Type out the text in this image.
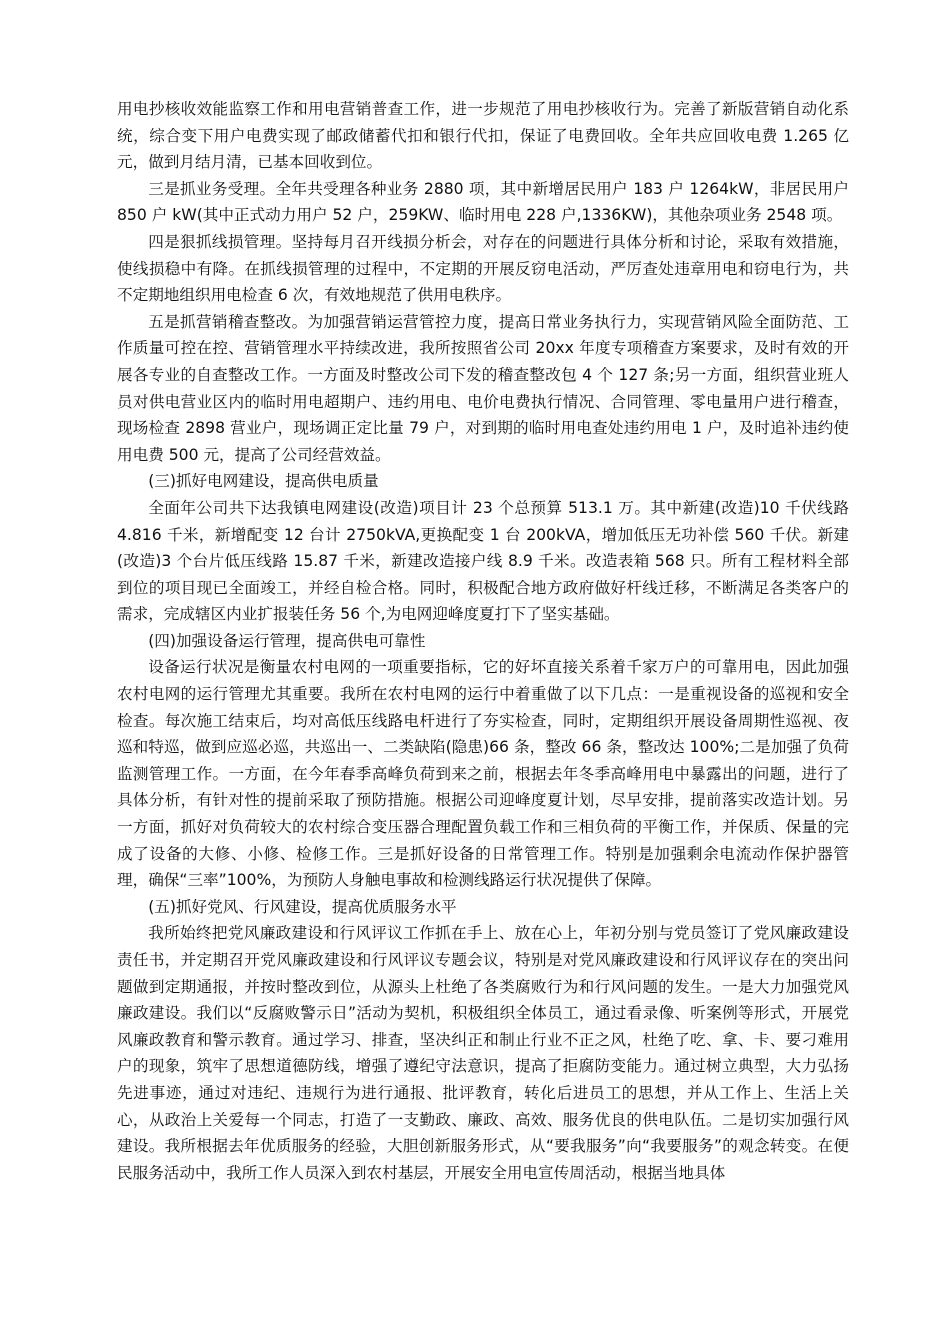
用电抄核收效能监察工作和用电营销普查工作，进一步规范了用电抄核收行为。完善了新版营销自动化系统，综合变下用户电费实现了邮政储蓄代扣和银行代扣，保证了电费回收。全年共应回收电费 1.265 亿元，做到月结月清，已基本回收到位。

三是抓业务受理。全年共受理各种业务 2880 项，其中新增居民用户 183 户 1264kW，非居民用户 850 户 kW(其中正式动力用户 52 户，259KW、临时用电 228 户,1336KW)，其他杂项业务 2548 项。

四是狠抓线损管理。坚持每月召开线损分析会，对存在的问题进行具体分析和讨论，采取有效措施，使线损稳中有降。在抓线损管理的过程中，不定期的开展反窃电活动，严厉查处违章用电和窃电行为，共不定期地组织用电检查 6 次，有效地规范了供用电秩序。

五是抓营销稽查整改。为加强营销运营管控力度，提高日常业务执行力，实现营销风险全面防范、工作质量可控在控、营销管理水平持续改进，我所按照省公司 20xx 年度专项稽查方案要求，及时有效的开展各专业的自查整改工作。一方面及时整改公司下发的稽查整改包 4 个 127 条;另一方面，组织营业班人员对供电营业区内的临时用电超期户、违约用电、电价电费执行情况、合同管理、零电量用户进行稽查，现场检查 2898 营业户，现场调正定比量 79 户，对到期的临时用电查处违约用电 1 户，及时追补违约使用电费 500 元，提高了公司经营效益。

(三)抓好电网建设，提高供电质量

全面年公司共下达我镇电网建设(改造)项目计 23 个总预算 513.1 万。其中新建(改造)10 千伏线路 4.816 千米，新增配变 12 台计 2750kVA,更换配变 1 台 200kVA，增加低压无功补偿 560 千伏。新建(改造)3 个台片低压线路 15.87 千米，新建改造接户线 8.9 千米。改造表箱 568 只。所有工程材料全部到位的项目现已全面竣工，并经自检合格。同时，积极配合地方政府做好杆线迁移，不断满足各类客户的需求，完成辖区内业扩报装任务 56 个,为电网迎峰度夏打下了坚实基础。

(四)加强设备运行管理，提高供电可靠性

设备运行状况是衡量农村电网的一项重要指标，它的好坏直接关系着千家万户的可靠用电，因此加强农村电网的运行管理尤其重要。我所在农村电网的运行中着重做了以下几点：一是重视设备的巡视和安全检查。每次施工结束后，均对高低压线路电杆进行了夯实检查，同时，定期组织开展设备周期性巡视、夜巡和特巡，做到应巡必巡，共巡出一、二类缺陷(隐患)66 条，整改 66 条，整改达 100%;二是加强了负荷监测管理工作。一方面，在今年春季高峰负荷到来之前，根据去年冬季高峰用电中暴露出的问题，进行了具体分析，有针对性的提前采取了预防措施。根据公司迎峰度夏计划，尽早安排，提前落实改造计划。另一方面，抓好对负荷较大的农村综合变压器合理配置负载工作和三相负荷的平衡工作，并保质、保量的完成了设备的大修、小修、检修工作。三是抓好设备的日常管理工作。特别是加强剩余电流动作保护器管理，确保“三率”100%，为预防人身触电事故和检测线路运行状况提供了保障。

(五)抓好党风、行风建设，提高优质服务水平

我所始终把党风廉政建设和行风评议工作抓在手上、放在心上，年初分别与党员签订了党风廉政建设责任书，并定期召开党风廉政建设和行风评议专题会议，特别是对党风廉政建设和行风评议存在的突出问题做到定期通报，并按时整改到位，从源头上杜绝了各类腐败行为和行风问题的发生。一是大力加强党风廉政建设。我们以“反腐败警示日”活动为契机，积极组织全体员工，通过看录像、听案例等形式，开展党风廉政教育和警示教育。通过学习、排查，坚决纠正和制止行业不正之风，杜绝了吃、拿、卡、要刁难用户的现象，筑牢了思想道德防线，增强了遵纪守法意识，提高了拒腐防变能力。通过树立典型，大力弘扬先进事迹，通过对违纪、违规行为进行通报、批评教育，转化后进员工的思想，并从工作上、生活上关心，从政治上关爱每一个同志，打造了一支勤政、廉政、高效、服务优良的供电队伍。二是切实加强行风建设。我所根据去年优质服务的经验，大胆创新服务形式，从“要我服务”向“我要服务”的观念转变。在便民服务活动中，我所工作人员深入到农村基层，开展安全用电宣传周活动，根据当地具体
